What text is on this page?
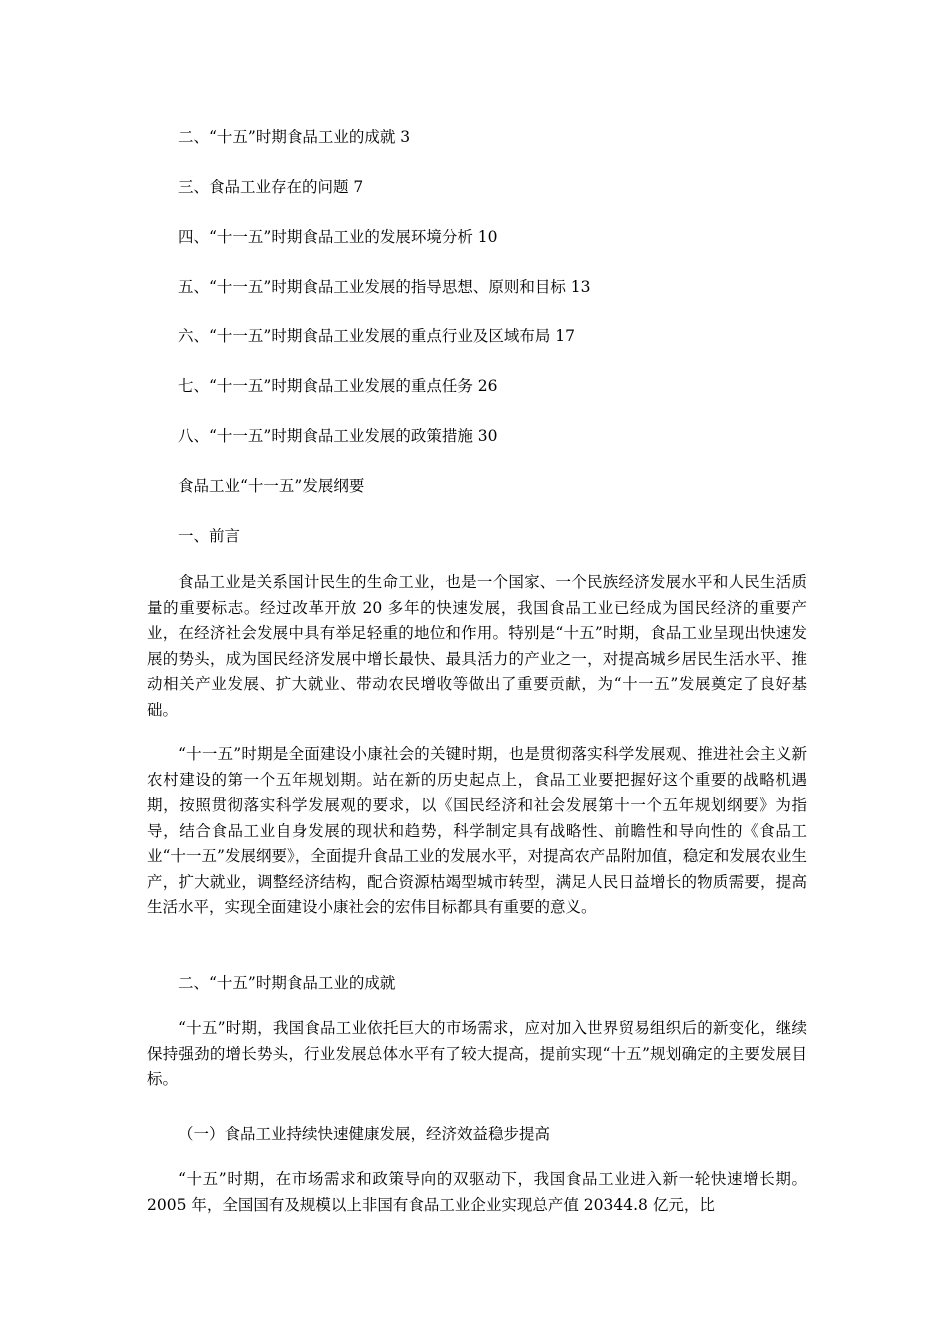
二、“十五”时期食品工业的成就 3

三、食品工业存在的问题 7

四、“十一五”时期食品工业的发展环境分析 10

五、“十一五”时期食品工业发展的指导思想、原则和目标 13

六、“十一五”时期食品工业发展的重点行业及区域布局 17

七、“十一五”时期食品工业发展的重点任务 26

八、“十一五”时期食品工业发展的政策措施 30

食品工业“十一五”发展纲要

一、前言

食品工业是关系国计民生的生命工业，也是一个国家、一个民族经济发展水平和人民生活质量的重要标志。经过改革开放 20 多年的快速发展，我国食品工业已经成为国民经济的重要产业，在经济社会发展中具有举足轻重的地位和作用。特别是“十五”时期，食品工业呈现出快速发展的势头，成为国民经济发展中增长最快、最具活力的产业之一，对提高城乡居民生活水平、推动相关产业发展、扩大就业、带动农民增收等做出了重要贡献，为“十一五”发展奠定了良好基础。

“十一五”时期是全面建设小康社会的关键时期，也是贯彻落实科学发展观、推进社会主义新农村建设的第一个五年规划期。站在新的历史起点上，食品工业要把握好这个重要的战略机遇期，按照贯彻落实科学发展观的要求，以《国民经济和社会发展第十一个五年规划纲要》为指导，结合食品工业自身发展的现状和趋势，科学制定具有战略性、前瞻性和导向性的《食品工业“十一五”发展纲要》，全面提升食品工业的发展水平，对提高农产品附加值，稳定和发展农业生产，扩大就业，调整经济结构，配合资源枯竭型城市转型，满足人民日益增长的物质需要，提高生活水平，实现全面建设小康社会的宏伟目标都具有重要的意义。

二、“十五”时期食品工业的成就

“十五”时期，我国食品工业依托巨大的市场需求，应对加入世界贸易组织后的新变化，继续保持强劲的增长势头，行业发展总体水平有了较大提高，提前实现“十五”规划确定的主要发展目标。

（一）食品工业持续快速健康发展，经济效益稳步提高

“十五”时期，在市场需求和政策导向的双驱动下，我国食品工业进入新一轮快速增长期。2005 年，全国国有及规模以上非国有食品工业企业实现总产值 20344.8 亿元，比
